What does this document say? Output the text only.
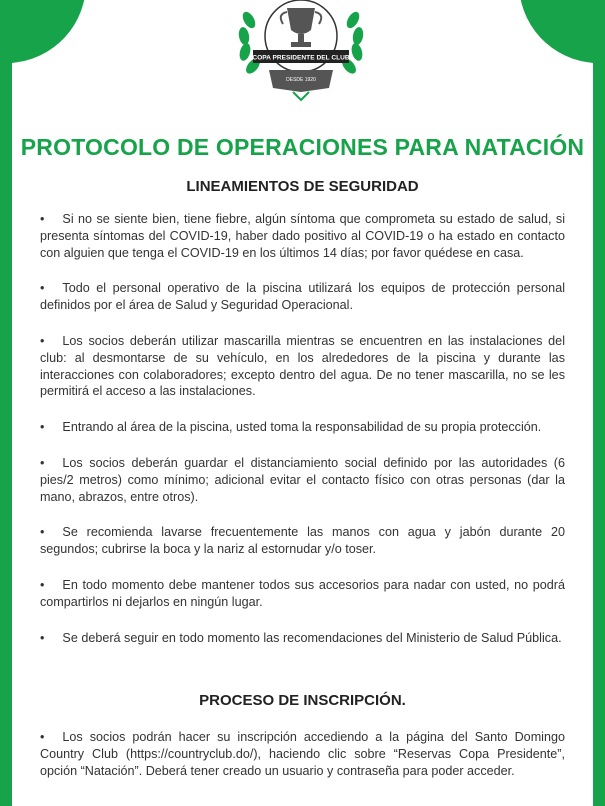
COPA PRESIDENTE DEL CLUB
DESDE 1920
PROTOCOLO DE OPERACIONES PARA NATACIÓN
LINEAMIENTOS DE SEGURIDAD

• Si no se siente bien, tiene fiebre, algún síntoma que comprometa su estado de salud, si presenta síntomas del COVID-19, haber dado positivo al COVID-19 o ha estado en contacto con alguien que tenga el COVID-19 en los últimos 14 días; por favor quédese en casa.

• Todo el personal operativo de la piscina utilizará los equipos de protección personal definidos por el área de Salud y Seguridad Operacional.

• Los socios deberán utilizar mascarilla mientras se encuentren en las instalaciones del club: al desmontarse de su vehículo, en los alrededores de la piscina y durante las interacciones con colaboradores; excepto dentro del agua. De no tener mascarilla, no se les permitirá el acceso a las instalaciones.

• Entrando al área de la piscina, usted toma la responsabilidad de su propia protección.

• Los socios deberán guardar el distanciamiento social definido por las autoridades (6 pies/2 metros) como mínimo; adicional evitar el contacto físico con otras personas (dar la mano, abrazos, entre otros).

• Se recomienda lavarse frecuentemente las manos con agua y jabón durante 20 segundos; cubrirse la boca y la nariz al estornudar y/o toser.

• En todo momento debe mantener todos sus accesorios para nadar con usted, no podrá compartirlos ni dejarlos en ningún lugar.

• Se deberá seguir en todo momento las recomendaciones del Ministerio de Salud Pública.

PROCESO DE INSCRIPCIÓN.

• Los socios podrán hacer su inscripción accediendo a la página del Santo Domingo Country Club (https://countryclub.do/), haciendo clic sobre “Reservas Copa Presidente”, opción “Natación”. Deberá tener creado un usuario y contraseña para poder acceder.
